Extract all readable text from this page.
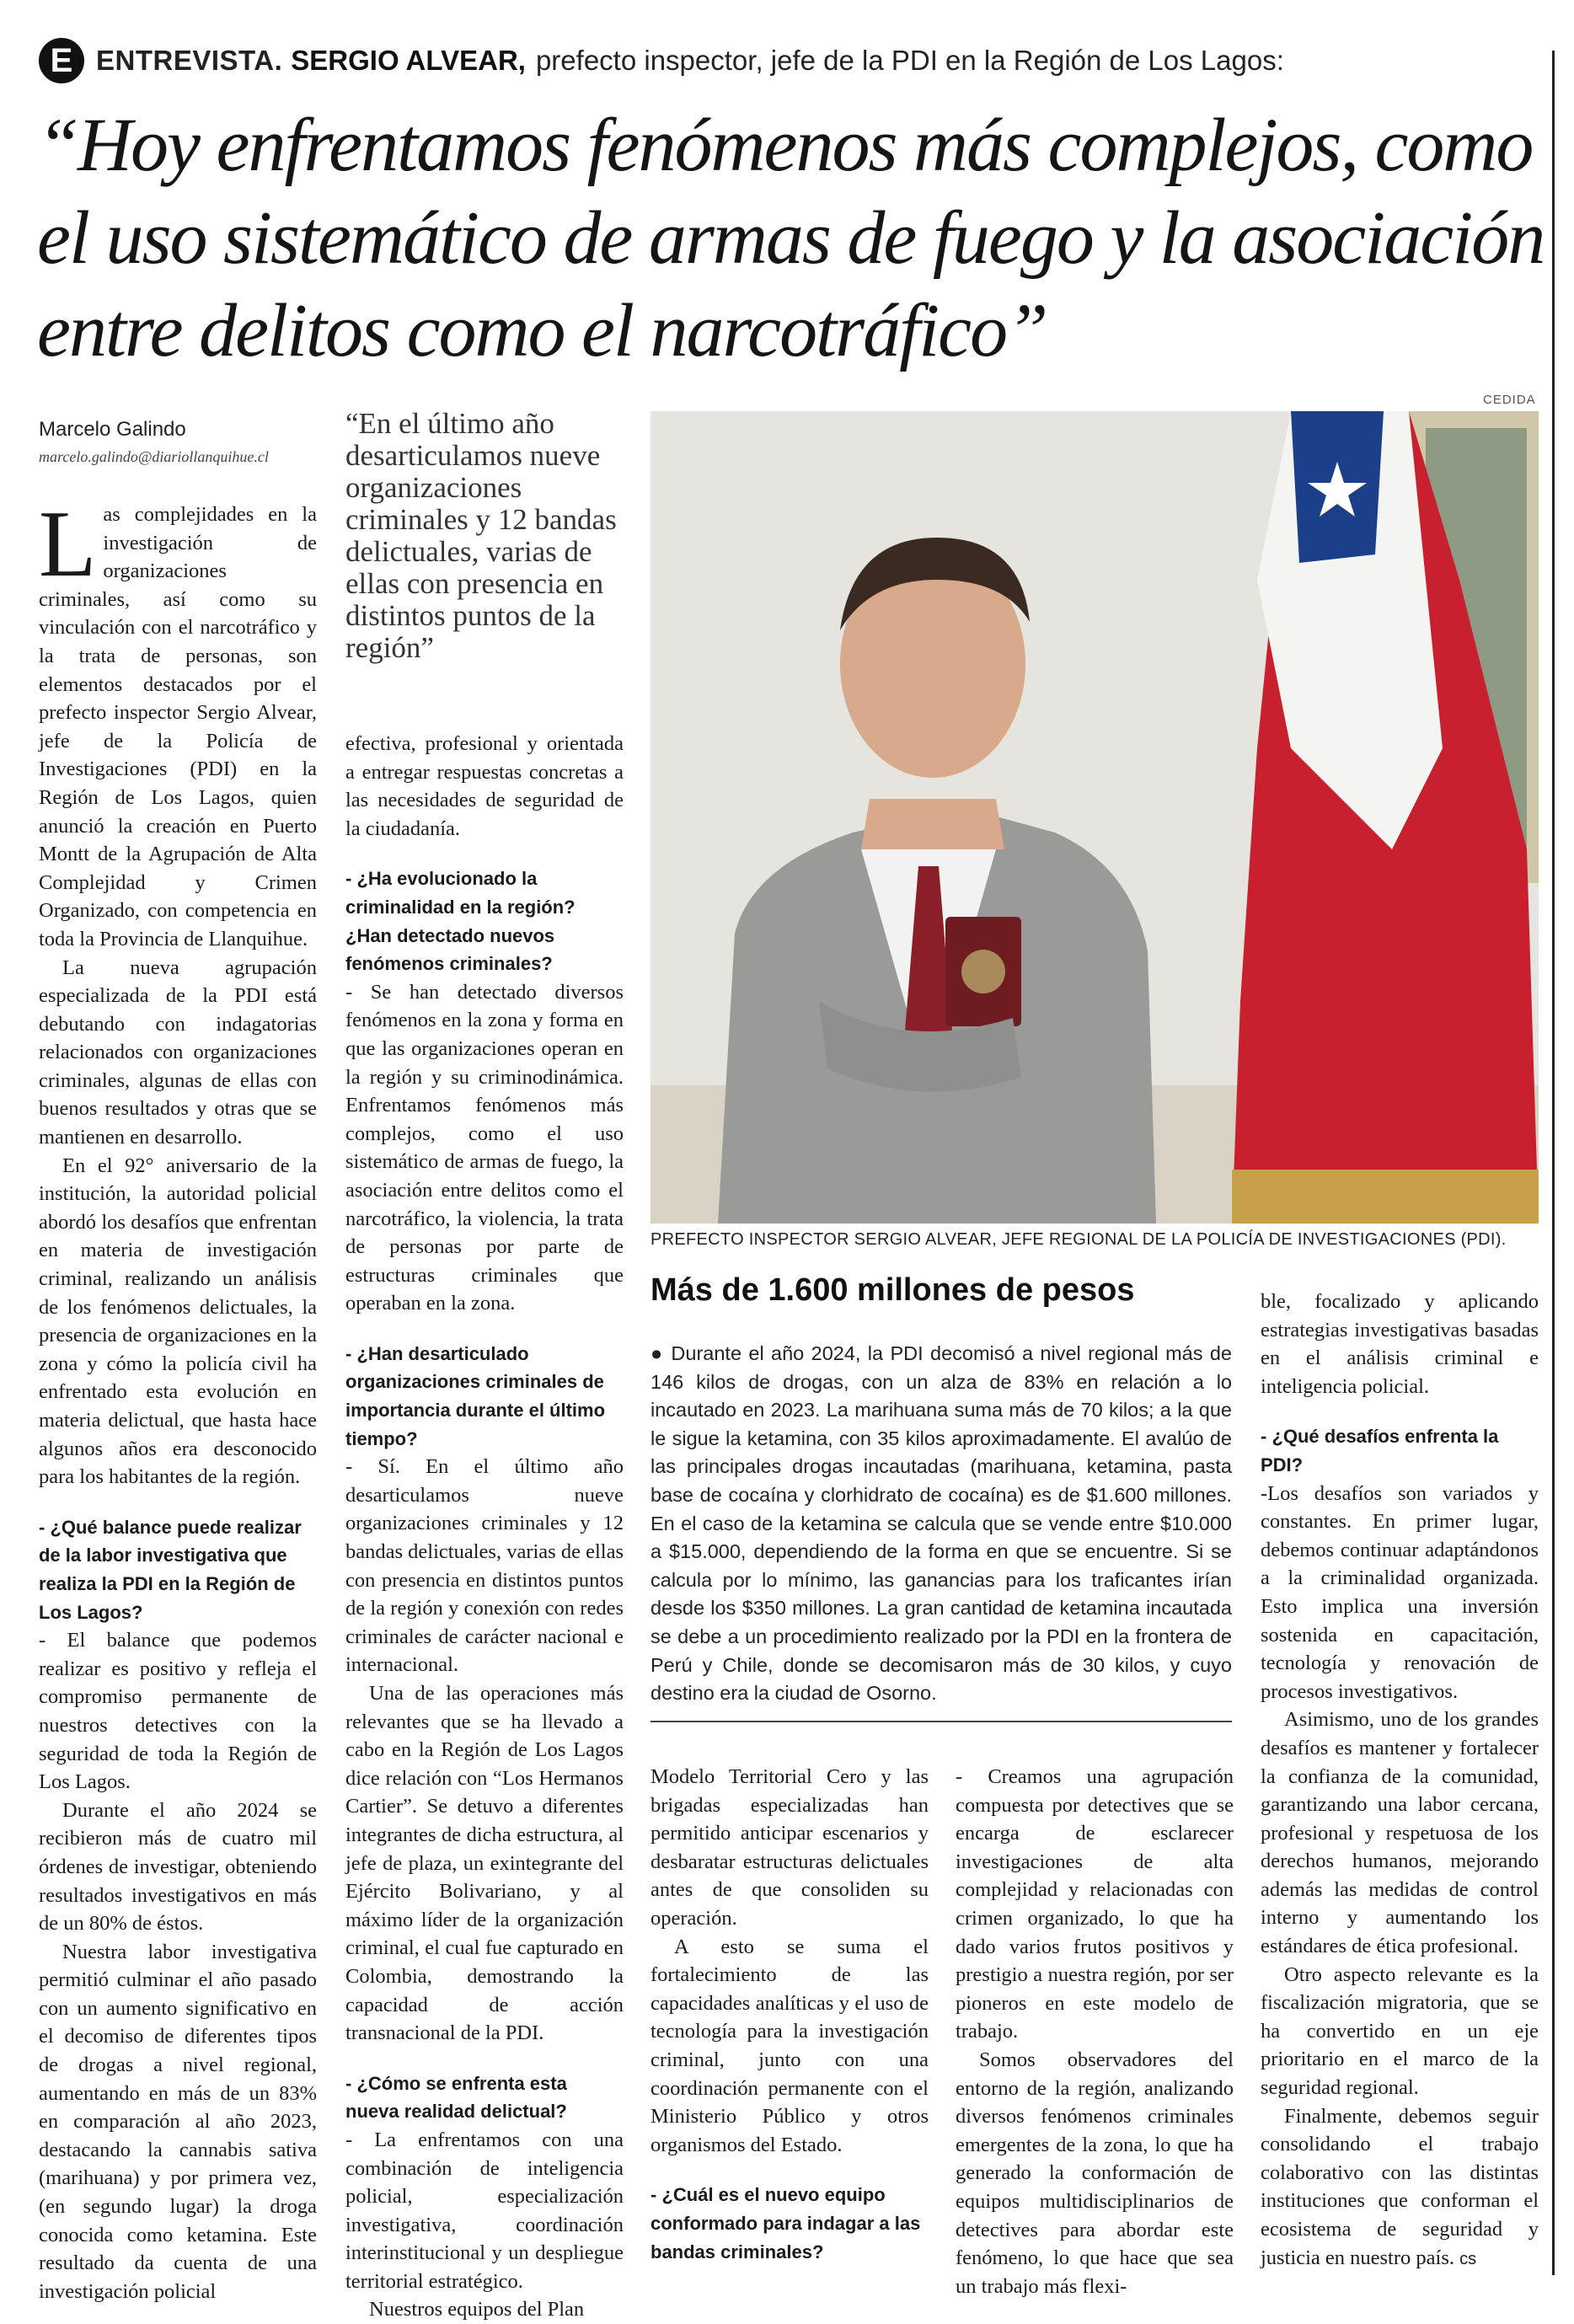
E ENTREVISTA. SERGIO ALVEAR, prefecto inspector, jefe de la PDI en la Región de Los Lagos:
“Hoy enfrentamos fenómenos más complejos, como el uso sistemático de armas de fuego y la asociación entre delitos como el narcotráfico”
Marcelo Galindo
marcelo.galindo@diariollanquihue.cl

Las complejidades en la investigación de organizaciones criminales, así como su vinculación con el narcotráfico y la trata de personas, son elementos destacados por el prefecto inspector Sergio Alvear, jefe de la Policía de Investigaciones (PDI) en la Región de Los Lagos, quien anunció la creación en Puerto Montt de la Agrupación de Alta Complejidad y Crimen Organizado, con competencia en toda la Provincia de Llanquihue.

La nueva agrupación especializada de la PDI está debutando con indagatorias relacionados con organizaciones criminales, algunas de ellas con buenos resultados y otras que se mantienen en desarrollo.

En el 92° aniversario de la institución, la autoridad policial abordó los desafíos que enfrentan en materia de investigación criminal, realizando un análisis de los fenómenos delictuales, la presencia de organizaciones en la zona y cómo la policía civil ha enfrentado esta evolución en materia delictual, que hasta hace algunos años era desconocido para los habitantes de la región.

- ¿Qué balance puede realizar de la labor investigativa que realiza la PDI en la Región de Los Lagos?

- El balance que podemos realizar es positivo y refleja el compromiso permanente de nuestros detectives con la seguridad de toda la Región de Los Lagos.

Durante el año 2024 se recibieron más de cuatro mil órdenes de investigar, obteniendo resultados investigativos en más de un 80% de éstos.

Nuestra labor investigativa permitió culminar el año pasado con un aumento significativo en el decomiso de diferentes tipos de drogas a nivel regional, aumentando en más de un 83% en comparación al año 2023, destacando la cannabis sativa (marihuana) y por primera vez, (en segundo lugar) la droga conocida como ketamina. Este resultado da cuenta de una investigación policial

“En el último año desarticulamos nueve organizaciones criminales y 12 bandas delictuales, varias de ellas con presencia en distintos puntos de la región”

efectiva, profesional y orientada a entregar respuestas concretas a las necesidades de seguridad de la ciudadanía.

- ¿Ha evolucionado la criminalidad en la región? ¿Han detectado nuevos fenómenos criminales?

- Se han detectado diversos fenómenos en la zona y forma en que las organizaciones operan en la región y su criminodinámica. Enfrentamos fenómenos más complejos, como el uso sistemático de armas de fuego, la asociación entre delitos como el narcotráfico, la violencia, la trata de personas por parte de estructuras criminales que operaban en la zona.

- ¿Han desarticulado organizaciones criminales de importancia durante el último tiempo?

- Sí. En el último año desarticulamos nueve organizaciones criminales y 12 bandas delictuales, varias de ellas con presencia en distintos puntos de la región y conexión con redes criminales de carácter nacional e internacional.

Una de las operaciones más relevantes que se ha llevado a cabo en la Región de Los Lagos dice relación con “Los Hermanos Cartier”. Se detuvo a diferentes integrantes de dicha estructura, al jefe de plaza, un exintegrante del Ejército Bolivariano, y al máximo líder de la organización criminal, el cual fue capturado en Colombia, demostrando la capacidad de acción transnacional de la PDI.

- ¿Cómo se enfrenta esta nueva realidad delictual?

- La enfrentamos con una combinación de inteligencia policial, especialización investigativa, coordinación interinstitucional y un despliegue territorial estratégico.

Nuestros equipos del Plan

CEDIDA
PREFECTO INSPECTOR SERGIO ALVEAR, JEFE REGIONAL DE LA POLICÍA DE INVESTIGACIONES (PDI).
Más de 1.600 millones de pesos
● Durante el año 2024, la PDI decomisó a nivel regional más de 146 kilos de drogas, con un alza de 83% en relación a lo incautado en 2023. La marihuana suma más de 70 kilos; a la que le sigue la ketamina, con 35 kilos aproximadamente. El avalúo de las principales drogas incautadas (marihuana, ketamina, pasta base de cocaína y clorhidrato de cocaína) es de $1.600 millones. En el caso de la ketamina se calcula que se vende entre $10.000 a $15.000, dependiendo de la forma en que se encuentre. Si se calcula por lo mínimo, las ganancias para los traficantes irían desde los $350 millones. La gran cantidad de ketamina incautada se debe a un procedimiento realizado por la PDI en la frontera de Perú y Chile, donde se decomisaron más de 30 kilos, y cuyo destino era la ciudad de Osorno.

Modelo Territorial Cero y las brigadas especializadas han permitido anticipar escenarios y desbaratar estructuras delictuales antes de que consoliden su operación.

A esto se suma el fortalecimiento de las capacidades analíticas y el uso de tecnología para la investigación criminal, junto con una coordinación permanente con el Ministerio Público y otros organismos del Estado.

- ¿Cuál es el nuevo equipo conformado para indagar a las bandas criminales?

- Creamos una agrupación compuesta por detectives que se encarga de esclarecer investigaciones de alta complejidad y relacionadas con crimen organizado, lo que ha dado varios frutos positivos y prestigio a nuestra región, por ser pioneros en este modelo de trabajo.

Somos observadores del entorno de la región, analizando diversos fenómenos criminales emergentes de la zona, lo que ha generado la conformación de equipos multidisciplinarios de detectives para abordar este fenómeno, lo que hace que sea un trabajo más flexi-

ble, focalizado y aplicando estrategias investigativas basadas en el análisis criminal e inteligencia policial.

- ¿Qué desafíos enfrenta la PDI?

-Los desafíos son variados y constantes. En primer lugar, debemos continuar adaptándonos a la criminalidad organizada. Esto implica una inversión sostenida en capacitación, tecnología y renovación de procesos investigativos.

Asimismo, uno de los grandes desafíos es mantener y fortalecer la confianza de la comunidad, garantizando una labor cercana, profesional y respetuosa de los derechos humanos, mejorando además las medidas de control interno y aumentando los estándares de ética profesional.

Otro aspecto relevante es la fiscalización migratoria, que se ha convertido en un eje prioritario en el marco de la seguridad regional.

Finalmente, debemos seguir consolidando el trabajo colaborativo con las distintas instituciones que conforman el ecosistema de seguridad y justicia en nuestro país. cs
